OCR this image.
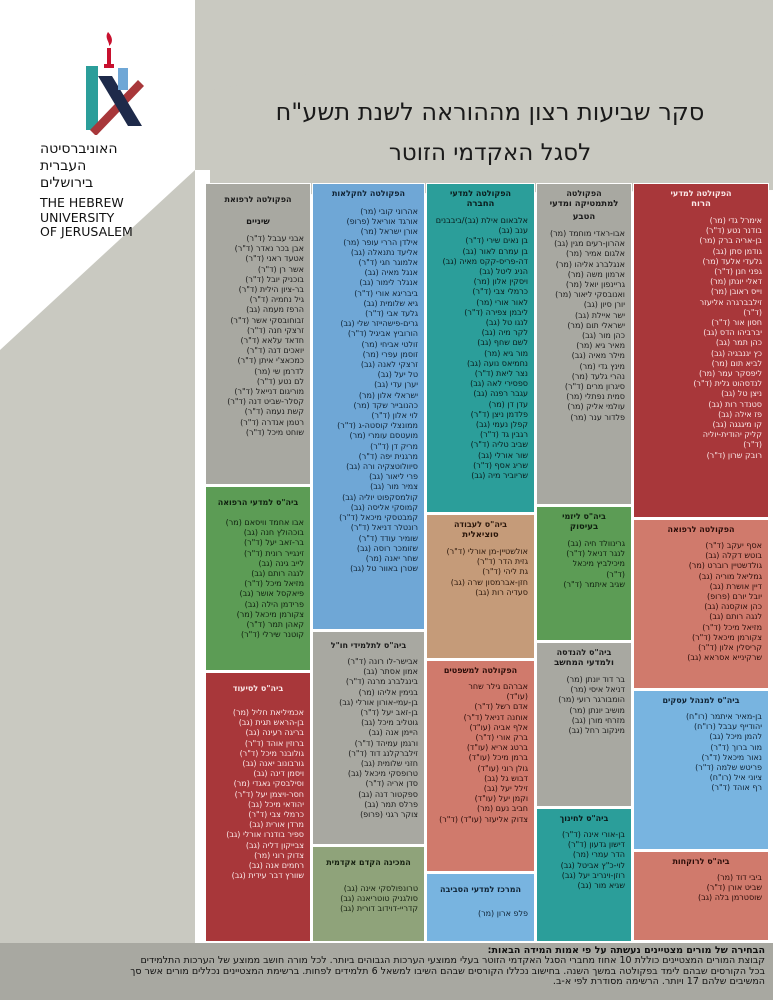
האוניברסיטה

העברית

בירושלים

THE HEBREW

UNIVERSITY

OF JERUSALEM

סקר שביעות רצון מההוראה לשנת תשע"ח
לסגל האקדמי הזוטר
הפקולטה למדעי
הרוח
אימרל גדי (מר)
בודנר נטע (ד"ר)
בן-אריה ברק (מר)
גודמן סתן (גב)
גלעדי אלעד (מר)
גפני חנן (ד"ר)
דאלי יונתן (מר)
וייס ראובן (מר)
זילבברגרה אליעזר
(ד"ר)
חסון אור (ד"ר)
יברביהו הדס (גב)
כהן תמר (גב)
כץ יגנבגיה (גב)
לביא תום (מר)
ליפסקר עמר (מר)
לנדסהוט גלית (ד"ר)
ניצן טל (גב)
סטנדר רות (גב)
פז אילה (גב)
קו מיגגגה (גב)
קליק יהודית-יוליה
(ד"ר)
רובק שרון (ד"ר)
הפקולטה לרפואה
אסף יעקב (ד"ר)
בוטש דקלה (גב)
גולדשטיין רוברט (מר)
גמליאל מוריה (גב)
דיין אושרת (גב)
יובל יורם (פרופ)
כהן אוקסנה (גב)
לנגה רותם (גב)
מזיאל מיכל (ד"ר)
צקורמן מיכאל (ד"ר)
קריסלין אלון (ד"ר)
שרקינייא אסראא (גב)
ביה"ס למנהל עסקים
בן-מאיר איתמר (רו"ח)
יהודייף עבבל (רו"ח)
להמן מיכל (גב)
מור ברוך (ד"ר)
נאור מיכאל (ד"ר)
פריטש שלמה (ד"ר)
ציוני איל (רו"ח)
רף אוהד (ד"ר)
ביה"ס לרוקחות
ביבי דוד (מר)
שביט אורן (ד"ר)
שוסטרמן בלה (גב)
הפקולטה
למתמטיקה ומדעי
הטבע
אבו-ראדי מוחמד (מר)
אהרון-רעים מגין (גב)
אלגום אמיר (מר)
אנגלברג אליהו (מר)
ארמון משה (מר)
גריינפון יואל (מר)
ואנובסקי ליאור (מר)
יורן סיון (גב)
ישר איילת (גב)
ישראלי תום (מר)
כהן מור (גב)
מאיר גיא (מר)
מילר מאיה (גב)
מינץ גדי (מר)
נהרי גלעד (מר)
סיגרון מרים (ד"ר)
סמית נפתלי (מר)
עולמי אליק (מר)
פלדור ענר (מר)
ביה"ס ליזמי
בעיסוק
גרינוולד חיה (גב)
לנגר דניאל (ד"ר)
מיכילביץ מיכאל
(ד"ר)
שגיב איתמר (ד"ר)
ביה"ס להנדסה
ולמדעי המחשב
בר דוד יונתן (מר)
דניאל איסי (מר)
הומבורגר רועי (מר)
מושיב יונתן (מר)
מזרחי מורן (גב)
מינקוב רחל (גב)
ביה"ס לחינוך
בן-אורי אינה (ד"ר)
דישון גדעון (ד"ר)
הדר עמרי (מר)
לוי-כ"ץ אביטל (גב)
רוזן-וינריב יעל (גב)
שגיא מור (גב)
הפקולטה למדעי
החברה
אלבאום אילת (גב)/ביבבנים
ענב (גב)
בן נאים שירי (ד"ר)
בן עמרם לאור (גב)
דה-פריס-קקס מאיה (גב)
הניג ליטל (גב)
ויסקין אלון (מר)
כרמלי צבי (ד"ר)
לאור אורי (מר)
ליבמן צפירה (ד"ר)
לנגו טל (גב)
לקר מיה (גב)
לשם שחף (גב)
מור גיא (מר)
נחמיאס נועה (גב)
נצר ליאת (ד"ר)
ספסירי לאה (גב)
עגבר רפנה (גב)
עדן דן (מר)
פלדמן ניצן (ד"ר)
קפלן נעמי (גב)
רגבין גד (ד"ר)
שביב טליה (ד"ר)
שור אורלי (גב)
שריג אסף (ד"ר)
שריוביר מיה (גב)
ביה"ס לעבודה
סוציאלית
אולשטיין-מן אורלי (ד"ר)
גזית הדר (ד"ר)
גת ליהי (ד"ר)
חזן-אברמסון שרה (גב)
סעדיה רות (גב)
הפקולטה למשפטים
אברהם גילר שחר
(עו"ד)
אדם רשל (ד"ר)
אוחנה דניאל (ד"ר)
אלף אביה (עו"ד)
ברק אורי (ד"ר)
ברטג אריא (עו"ד)
ברמן מיכל (עו"ד)
גולן רוני (עו"ד)
דבוש גל (גב)
זילל יעל (גב)
וקמן יעל (עו"ד)
חביב נעם (מר)
צדוק אליעזר (עו"ד) (ד"ר)
המרכז למדעי הסביבה
פלפ ארון (מר)
הפקולטה לחקלאות
אהרוני קובי (מר)
אורגד אוריאל (פרופ)
אורן ישראל (מר)
אילדן הררי עופר (מר)
אליעד נתנאלה (גב)
אלמוגר חגי (ד"ר)
אנגל מאיה (גב)
אנגלר לימור (גב)
ביבריגא אורי (ד"ר)
גיא שלומית (גב)
גלעד אבי (ד"ר)
גרים-פישהייזר שלי (גב)
הורוביץ אביגיל (ד"ר)
זולטי אביחי (מר)
זוסמן עפרי (מר)
זרצקי לאנה (גב)
טל יעל (גב)
יערן עדי (גב)
ישראלי אלון (מר)
כהנובייר שקד (מר)
לוי אלון (ד"ר)
ממונצלי קוסטה-ג (ד"ר)
מועטסם עומרי (מר)
מריק דן (ד"ר)
מרגנית יפה (ד"ר)
סיוולוטצקיה ורה (גב)
פרי ליאור (גב)
צמיר מור (גב)
קולמסקפוט יוליה (גב)
קמוסקי אליסה (גב)
קמבטסקי מיכאל (ד"ר)
רונטלר דניאל (ד"ר)
שומיר עודד (ד"ר)
שזומכר רוסה (גב)
שחר יאנה (מר)
שטרן באוור טל (גב)
ביה"ס לתלמידי חו"ל
אבישר-לו רונה (ד"ר)
אמון אסתר (גב)
בינגלברג מרנה (ד"ר)
בנימין אליהו (מר)
בן-עמי-אורון אורלי (גב)
בן-זאב יעל (ד"ר)
גוטליב מיכל (גב)
היימן אנה (גב)
ורגמן עמיהד (ד"ר)
זילברקלנג דוד (ד"ר)
חזני שלומית (גב)
טרופסקי מיכאל (גב)
סדן אריה (ד"ר)
ספקטור דנה (גב)
פרלס תמר (גב)
צוקר רגני (פרופ)
המכינה הקדם אקדמית
טרונפולסקי אינה (גב)
סולגניק טוטריאנה (גב)
קדריי-דוידוב דורית (גב)
הפקולטה לרפואת
שיניים
אבני עבבל (ד"ר)
אבן בכר נאדר (ד"ר)
אטעד ראני (ד"ר)
אשר רן (ד"ר)
בוכניק יובל (ד"ר)
בר-ציון הילית (ד"ר)
גיל נחמיה (ד"ר)
הרפז מעמה (גב)
זבוחובסקי אשר (ד"ר)
זרצקי חנה (ד"ר)
חדאד עלאא (ד"ר)
יואכים דנה (ד"ר)
כמכאצ'י איתן (ד"ר)
לדרמן שי (מר)
לם נטע (ד"ר)
מוריגום דנייאל (ד"ר)
קסלר-שביט דנה (ד"ר)
קשת נעמה (ד"ר)
רטמן אנדרה (ד"ר)
שוחט מיכל (ד"ר)
ביה"ס למדעי הרפואה
אבו אחמד וויסאם (מר)
בוכהולץ חנה (גב)
בר-זאב יעל (ד"ר)
זינגייר רונית (ד"ר)
לייב גינה (גב)
לנגה רותם (גב)
מזיאל מיכל (ד"ר)
פיאקסל אושר (גב)
פרידמן הילה (גב)
צקורמן מיכאל (מר)
קאהן תמר (ד"ר)
קוטנר שירלי (ד"ר)
ביה"ס לסיעוד
אכמיליאת חליל (מר)
בן-הראש תגית (גב)
בריגה רעינה (גב)
ברוזין אוהד (ד"ר)
גולובנר מיכל (ד"ר)
גורבונוב יאנה (גב)
ויסמן דינה (גב)
וסילבסקי גאגדי (מר)
חסר-ויצמן יעל (ד"ר)
יהודאי מיכל (גב)
כרמלי צבי (ד"ר)
מרדן אורית (גב)
ספיר בודנרו אורלי (גב)
צבייקון דליה (גב)
צדוק רוני (מר)
רחמים אנה (גב)
שוורץ דבר עידית (גב)
הבחירה של מורים מצטיינים נעשתה על פי אמות המידה הבאות:
קבוצת המורים המצטיינים כוללת 10 אחוז מחברי הסגל האקדמי הזוטר בעלי ממוצעי הערכות הגבוהים ביותר. לכל מורה חושב ממוצע של הערכות התלמידים
בכל הקורסים שבהם לימד בפקולטה במשך השנה. בחישוב נכללו הקורסים שבהם השיבו למשאל 6 תלמידים לפחות. ברשימת המצטיינים נכללים מורים אשר סך
המשיבים שלהם 17 ויותר. הרשימה מסודרת לפי א-ב.
